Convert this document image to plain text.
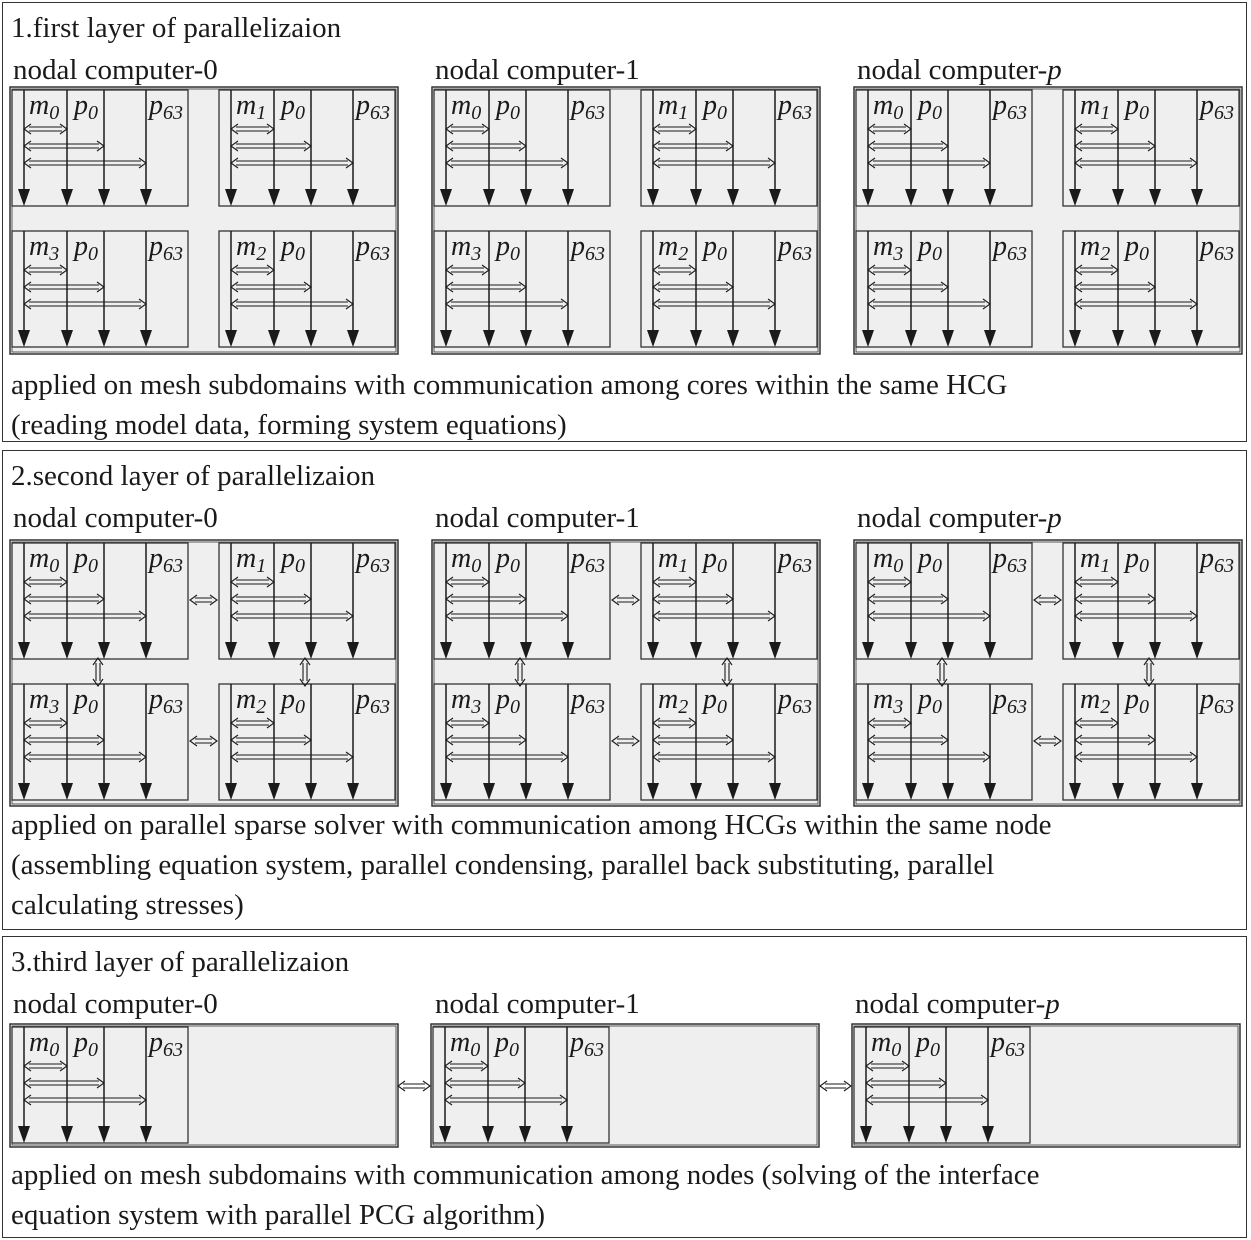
1.first layer of parallelizaion
nodal computer-0	nodal computer-1	nodal computer-p
applied on mesh subdomains with communication among cores within the same HCG
(reading model data, forming system equations)
2.second layer of parallelizaion
nodal computer-0	nodal computer-1	nodal computer-p
applied on parallel sparse solver with communication among HCGs within the same node
(assembling equation system, parallel condensing, parallel back substituting, parallel
calculating stresses)
3.third layer of parallelizaion
nodal computer-0	nodal computer-1	nodal computer-p
applied on mesh subdomains with communication among nodes (solving of the interface
equation system with parallel PCG algorithm)
m0 p0 p63 m1 p0 p63
m3 p0 p63 m2 p0 p63
m0 p0 p63 m1 p0 p63
m3 p0 p63 m2 p0 p63
m0 p0 p63 m1 p0 p63
m3 p0 p63 m2 p0 p63
m0 p0 p63 m1 p0 p63
m3 p0 p63 m2 p0 p63
m0 p0 p63 m1 p0 p63
m3 p0 p63 m2 p0 p63
m0 p0 p63 m1 p0 p63
m3 p0 p63 m2 p0 p63
m0 p0 p63	m0 p0 p63	m0 p0 p63
